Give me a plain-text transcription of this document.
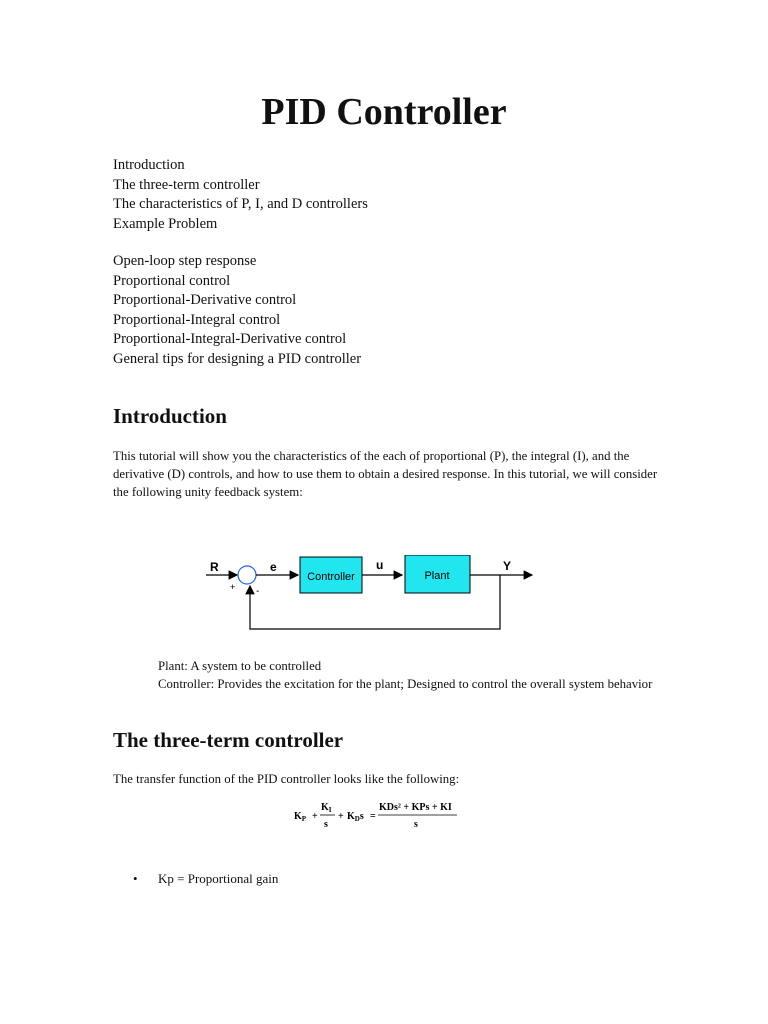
PID Controller
Introduction
The three-term controller
The characteristics of P, I, and D controllers
Example Problem
Open-loop step response
Proportional control
Proportional-Derivative control
Proportional-Integral control
Proportional-Integral-Derivative control
General tips for designing a PID controller
Introduction

This tutorial will show you the characteristics of the each of proportional (P), the integral (I), and the derivative (D) controls, and how to use them to obtain a desired response. In this tutorial, we will consider the following unity feedback system:

Controller	Plant
R	e	u	Y
+ -
Plant: A system to be controlled
Controller: Provides the excitation for the plant; Designed to control the overall system behavior
The three-term controller

The transfer function of the PID controller looks like the following:

$K_P$ +
$K_I$
s
+ $K_Ds$ =
KDs² + KPs + KI
s
• Kp = Proportional gain
